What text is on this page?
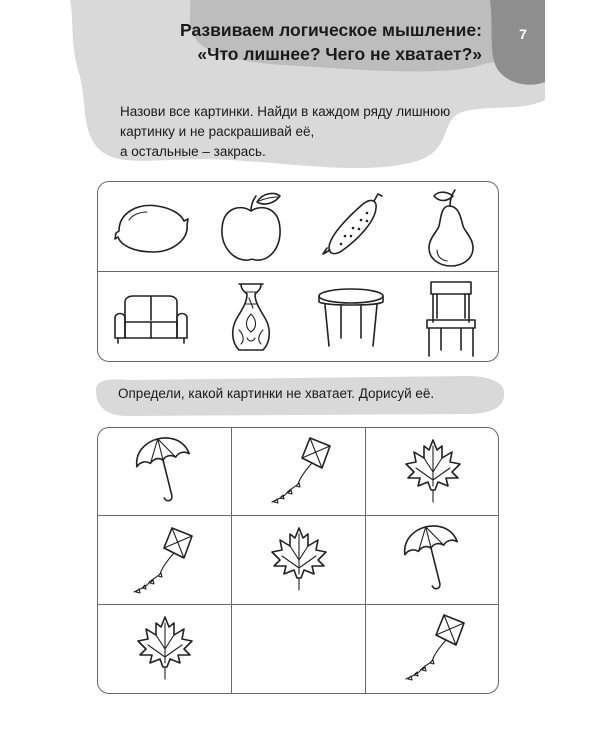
Развиваем логическое мышление:
«Что лишнее? Чего не хватает?»
7
Назови все картинки. Найди в каждом ряду лишнюю
картинку и не раскрашивай её,
а остальные – закрась.
Определи, какой картинки не хватает. Дорисуй её.
